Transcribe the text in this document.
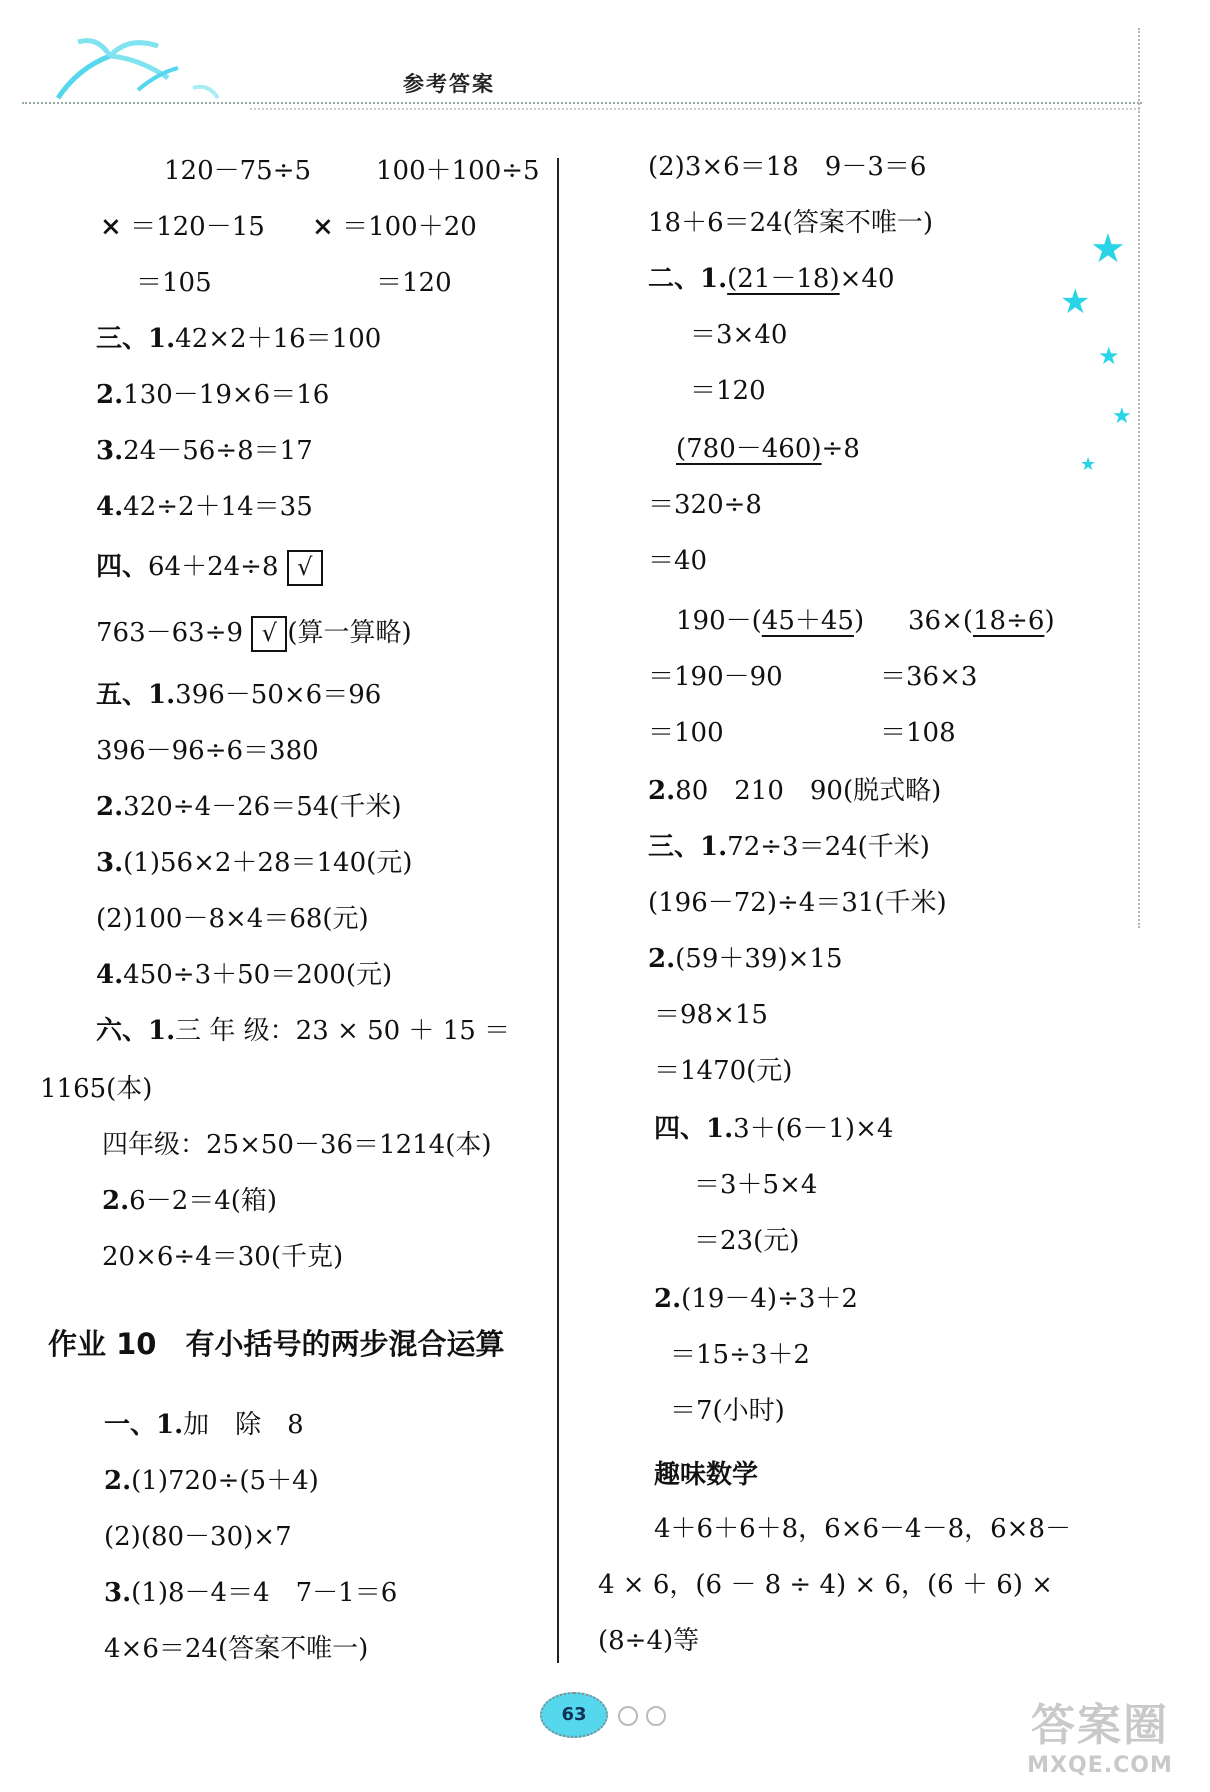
参考答案
★
★
★
★
★
120－75÷5 100＋100÷5
× ＝120－15 × ＝100＋20
＝105	＝120
三、1.42×2＋16＝100
2.130－19×6＝16
3.24－56÷8＝17
4.42÷2＋14＝35
四、64＋24÷8 √
763－63÷9 √ (算一算略)
五、1.396－50×6＝96
396－96÷6＝380
2.320÷4－26＝54(千米)
3.(1)56×2＋28＝140(元)
(2)100－8×4＝68(元)
4.450÷3＋50＝200(元)
六、1.三 年 级：23 × 50 ＋ 15 ＝
1165(本)
四年级：25×50－36＝1214(本)
2.6－2＝4(箱)
20×6÷4＝30(千克)
作业 10　有小括号的两步混合运算
一、1.加　除　8
2.(1)720÷(5＋4)
(2)(80－30)×7
3.(1)8－4＝4　7－1＝6
4×6＝24(答案不唯一)
(2)3×6＝18　9－3＝6
18＋6＝24(答案不唯一)
二、1.(21－18)×40
＝3×40
＝120
(780－460)÷8
＝320÷8
＝40
190－(45＋45) 36×(18÷6)
＝190－90	＝36×3
＝100	＝108
2.80　210　90(脱式略)
三、1.72÷3＝24(千米)
(196－72)÷4＝31(千米)
2.(59＋39)×15
＝98×15
＝1470(元)
四、1.3＋(6－1)×4
＝3＋5×4
＝23(元)
2.(19－4)÷3＋2
＝15÷3＋2
＝7(小时)
趣味数学
4＋6＋6＋8，6×6－4－8，6×8－
4 × 6，(6 － 8 ÷ 4) × 6，(6 ＋ 6) ×
(8÷4)等
63	答案圈
MXQE.COM
